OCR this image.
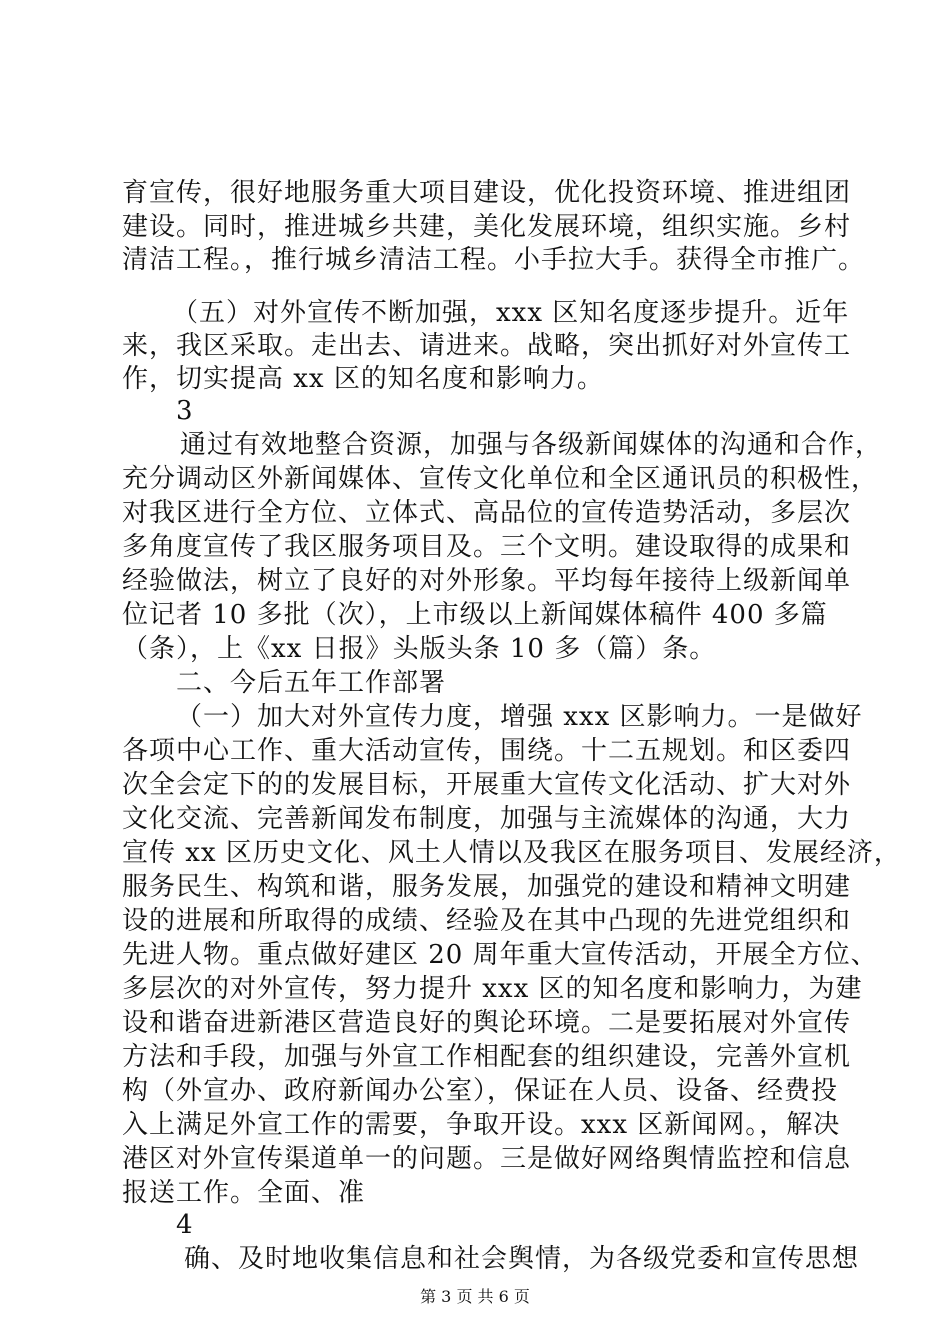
育宣传，很好地服务重大项目建设，优化投资环境、推进组团
建设。同时，推进城乡共建，美化发展环境，组织实施。乡村
清洁工程。，推行城乡清洁工程。小手拉大手。获得全市推广。
（五）对外宣传不断加强，xxx 区知名度逐步提升。近年
来，我区采取。走出去、请进来。战略，突出抓好对外宣传工
作，切实提高 xx 区的知名度和影响力。
3
通过有效地整合资源，加强与各级新闻媒体的沟通和合作，
充分调动区外新闻媒体、宣传文化单位和全区通讯员的积极性，
对我区进行全方位、立体式、高品位的宣传造势活动，多层次
多角度宣传了我区服务项目及。三个文明。建设取得的成果和
经验做法，树立了良好的对外形象。平均每年接待上级新闻单
位记者 10 多批（次），上市级以上新闻媒体稿件 400 多篇
（条），上《xx 日报》头版头条 10 多（篇）条。
二、今后五年工作部署
（一）加大对外宣传力度，增强 xxx 区影响力。一是做好
各项中心工作、重大活动宣传，围绕。十二五规划。和区委四
次全会定下的的发展目标，开展重大宣传文化活动、扩大对外
文化交流、完善新闻发布制度，加强与主流媒体的沟通，大力
宣传 xx 区历史文化、风土人情以及我区在服务项目、发展经济，
服务民生、构筑和谐，服务发展，加强党的建设和精神文明建
设的进展和所取得的成绩、经验及在其中凸现的先进党组织和
先进人物。重点做好建区 20 周年重大宣传活动，开展全方位、
多层次的对外宣传，努力提升 xxx 区的知名度和影响力，为建
设和谐奋进新港区营造良好的舆论环境。二是要拓展对外宣传
方法和手段，加强与外宣工作相配套的组织建设，完善外宣机
构（外宣办、政府新闻办公室），保证在人员、设备、经费投
入上满足外宣工作的需要，争取开设。xxx 区新闻网。，解决
港区对外宣传渠道单一的问题。三是做好网络舆情监控和信息
报送工作。全面、准
4
确、及时地收集信息和社会舆情，为各级党委和宣传思想
第 3 页 共 6 页
